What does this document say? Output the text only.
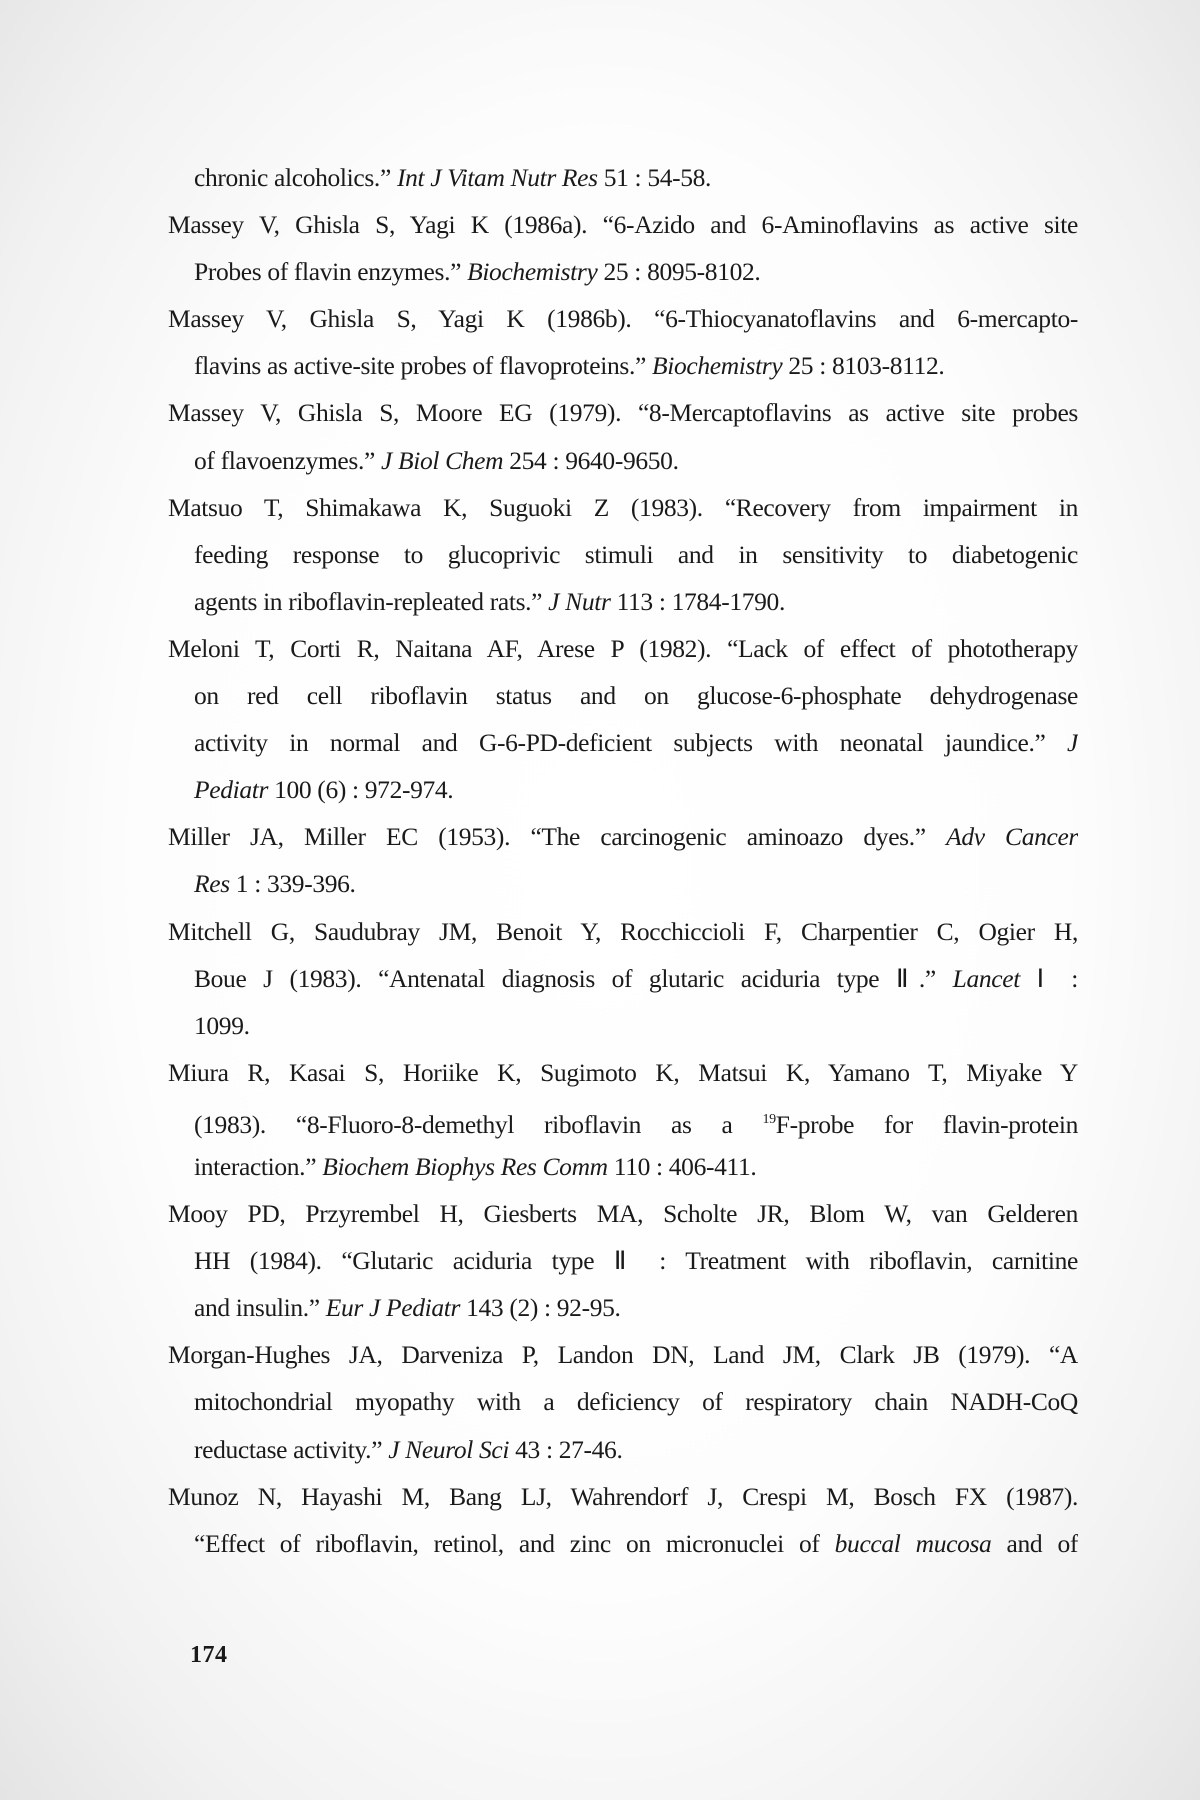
chronic alcoholics.” Int J Vitam Nutr Res 51 : 54-58.
Massey V, Ghisla S, Yagi K (1986a). “6-Azido and 6-Aminoflavins as active site
Probes of flavin enzymes.” Biochemistry 25 : 8095-8102.
Massey V, Ghisla S, Yagi K (1986b). “6-Thiocyanatoflavins and 6-mercapto-
flavins as active-site probes of flavoproteins.” Biochemistry 25 : 8103-8112.
Massey V, Ghisla S, Moore EG (1979). “8-Mercaptoflavins as active site probes
of flavoenzymes.” J Biol Chem 254 : 9640-9650.
Matsuo T, Shimakawa K, Suguoki Z (1983). “Recovery from impairment in
feeding response to glucoprivic stimuli and in sensitivity to diabetogenic
agents in riboflavin-repleated rats.” J Nutr 113 : 1784-1790.
Meloni T, Corti R, Naitana AF, Arese P (1982). “Lack of effect of phototherapy
on red cell riboflavin status and on glucose-6-phosphate dehydrogenase
activity in normal and G-6-PD-deficient subjects with neonatal jaundice.” J
Pediatr 100 (6) : 972-974.
Miller JA, Miller EC (1953). “The carcinogenic aminoazo dyes.” Adv Cancer
Res 1 : 339-396.
Mitchell G, Saudubray JM, Benoit Y, Rocchiccioli F, Charpentier C, Ogier H,
Boue J (1983). “Antenatal diagnosis of glutaric aciduria type Ⅱ.” Lancet Ⅰ :
1099.
Miura R, Kasai S, Horiike K, Sugimoto K, Matsui K, Yamano T, Miyake Y
(1983). “8-Fluoro-8-demethyl riboflavin as a $^{19}$F-probe for flavin-protein
interaction.” Biochem Biophys Res Comm 110 : 406-411.
Mooy PD, Przyrembel H, Giesberts MA, Scholte JR, Blom W, van Gelderen
HH (1984). “Glutaric aciduria type Ⅱ : Treatment with riboflavin, carnitine
and insulin.” Eur J Pediatr 143 (2) : 92-95.
Morgan-Hughes JA, Darveniza P, Landon DN, Land JM, Clark JB (1979). “A
mitochondrial myopathy with a deficiency of respiratory chain NADH-CoQ
reductase activity.” J Neurol Sci 43 : 27-46.
Munoz N, Hayashi M, Bang LJ, Wahrendorf J, Crespi M, Bosch FX (1987).
“Effect of riboflavin, retinol, and zinc on micronuclei of buccal mucosa and of
174
